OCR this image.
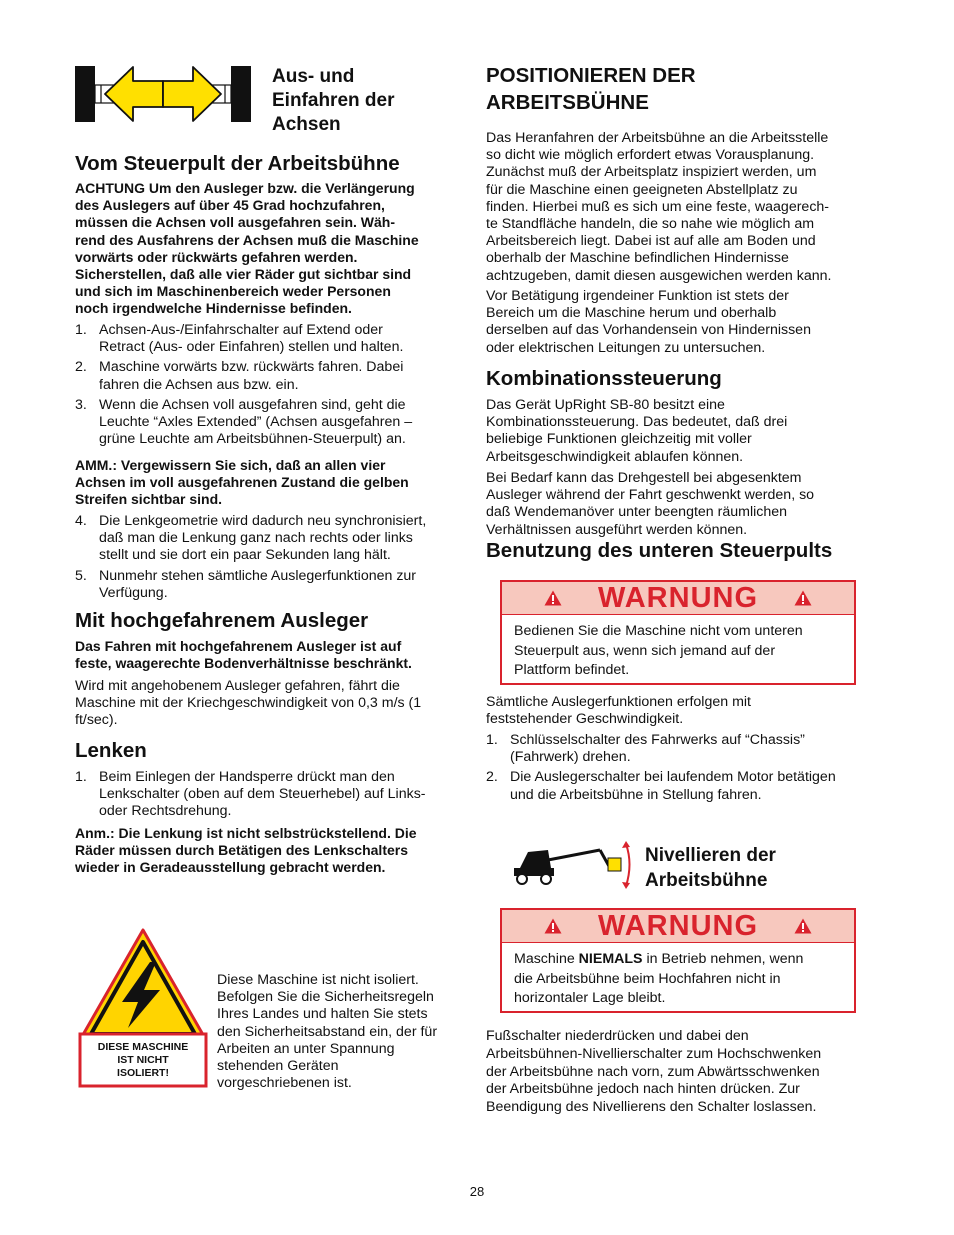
Aus- und
Einfahren der
Achsen
Vom Steuerpult der Arbeitsbühne
ACHTUNG Um den Ausleger bzw. die Verlängerung
des Auslegers auf über 45 Grad hochzufahren,
müssen die Achsen voll ausgefahren sein. Wäh-
rend des Ausfahrens der Achsen muß die Maschine
vorwärts oder rückwärts gefahren werden.
Sicherstellen, daß alle vier Räder gut sichtbar sind
und sich im Maschinenbereich weder Personen
noch irgendwelche Hindernisse befinden.
1. Achsen-Aus-/Einfahrschalter auf Extend oder
Retract (Aus- oder Einfahren) stellen und halten.
2. Maschine vorwärts bzw. rückwärts fahren. Dabei
fahren die Achsen aus bzw. ein.
3. Wenn die Achsen voll ausgefahren sind, geht die
Leuchte “Axles Extended” (Achsen ausgefahren –
grüne Leuchte am Arbeitsbühnen-Steuerpult) an.
AMM.: Vergewissern Sie sich, daß an allen vier
Achsen im voll ausgefahrenen Zustand die gelben
Streifen sichtbar sind.
4. Die Lenkgeometrie wird dadurch neu synchronisiert,
daß man die Lenkung ganz nach rechts oder links
stellt und sie dort ein paar Sekunden lang hält.
5. Nunmehr stehen sämtliche Auslegerfunktionen zur
Verfügung.
Mit hochgefahrenem Ausleger
Das Fahren mit hochgefahrenem Ausleger ist auf
feste, waagerechte Bodenverhältnisse beschränkt.
Wird mit angehobenem Ausleger gefahren, fährt die
Maschine mit der Kriechgeschwindigkeit von 0,3 m/s (1
ft/sec).
Lenken
1. Beim Einlegen der Handsperre drückt man den
Lenkschalter (oben auf dem Steuerhebel) auf Links-
oder Rechtsdrehung.
Anm.: Die Lenkung ist nicht selbstrückstellend. Die
Räder müssen durch Betätigen des Lenkschalters
wieder in Geradeausstellung gebracht werden.
DIESE MASCHINE
IST NICHT
ISOLIERT!
Diese Maschine ist nicht isoliert.
Befolgen Sie die Sicherheitsregeln
Ihres Landes und halten Sie stets
den Sicherheitsabstand ein, der für
Arbeiten an unter Spannung
stehenden Geräten
vorgeschriebenen ist.
POSITIONIEREN DER
ARBEITSBÜHNE
Das Heranfahren der Arbeitsbühne an die Arbeitsstelle
so dicht wie möglich erfordert etwas Vorausplanung.
Zunächst muß der Arbeitsplatz inspiziert werden, um
für die Maschine einen geeigneten Abstellplatz zu
finden. Hierbei muß es sich um eine feste, waagerech-
te Standfläche handeln, die so nahe wie möglich am
Arbeitsbereich liegt. Dabei ist auf alle am Boden und
oberhalb der Maschine befindlichen Hindernisse
achtzugeben, damit diesen ausgewichen werden kann.
Vor Betätigung irgendeiner Funktion ist stets der
Bereich um die Maschine herum und oberhalb
derselben auf das Vorhandensein von Hindernissen
oder elektrischen Leitungen zu untersuchen.
Kombinationssteuerung
Das Gerät UpRight SB-80 besitzt eine
Kombinationssteuerung. Das bedeutet, daß drei
beliebige Funktionen gleichzeitig mit voller
Arbeitsgeschwindigkeit ablaufen können.
Bei Bedarf kann das Drehgestell bei abgesenktem
Ausleger während der Fahrt geschwenkt werden, so
daß Wendemanöver unter beengten räumlichen
Verhältnissen ausgeführt werden können.
Benutzung des unteren Steuerpults
WARNUNG
Bedienen Sie die Maschine nicht vom unteren
Steuerpult aus, wenn sich jemand auf der
Plattform befindet.
Sämtliche Auslegerfunktionen erfolgen mit
feststehender Geschwindigkeit.
1. Schlüsselschalter des Fahrwerks auf “Chassis”
(Fahrwerk) drehen.
2. Die Auslegerschalter bei laufendem Motor betätigen
und die Arbeitsbühne in Stellung fahren.
Nivellieren der
Arbeitsbühne
WARNUNG
Maschine NIEMALS in Betrieb nehmen, wenn
die Arbeitsbühne beim Hochfahren nicht in
horizontaler Lage bleibt.
Fußschalter niederdrücken und dabei den
Arbeitsbühnen-Nivellierschalter zum Hochschwenken
der Arbeitsbühne nach vorn, zum Abwärtsschwenken
der Arbeitsbühne jedoch nach hinten drücken. Zur
Beendigung des Nivellierens den Schalter loslassen.
28
